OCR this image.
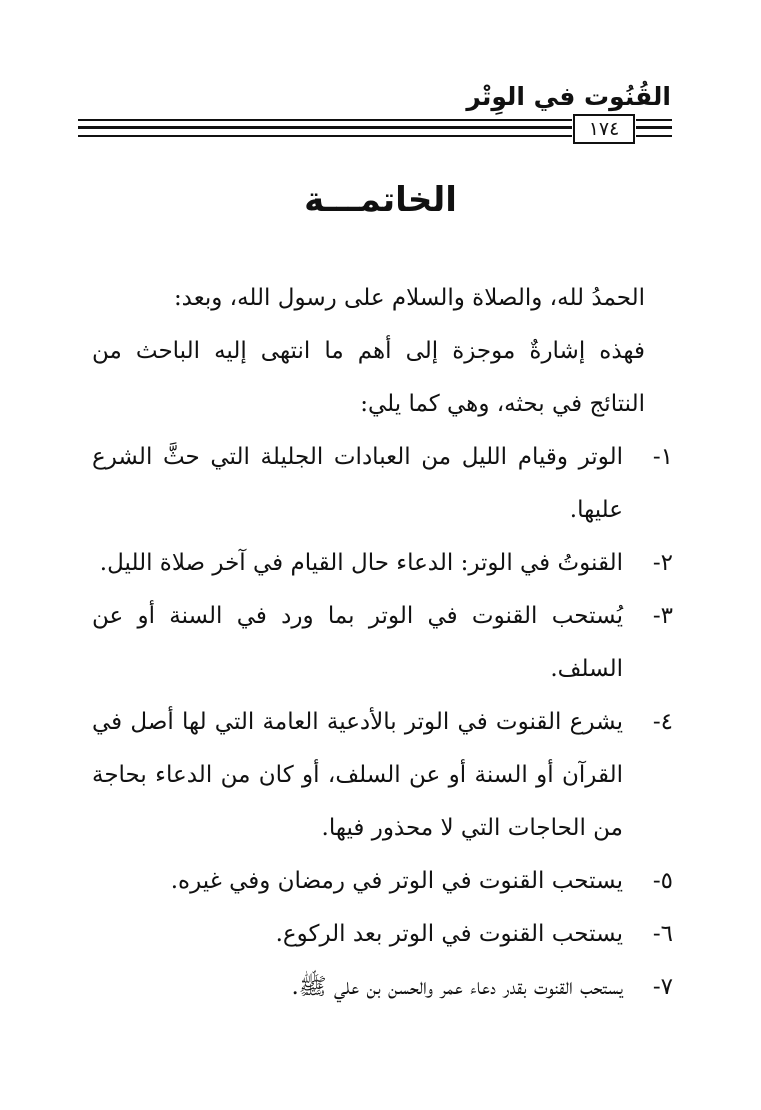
القُنُوت في الوِتْر
١٧٤
الخاتمـــة

الحمدُ لله، والصلاة والسلام على رسول الله، وبعد:

فهذه إشارةٌ موجزة إلى أهم ما انتهى إليه الباحث من النتائج في بحثه، وهي كما يلي:

١-
الوتر وقيام الليل من العبادات الجليلة التي حثَّ الشرع عليها.

٢-
القنوتُ في الوتر: الدعاء حال القيام في آخر صلاة الليل.

٣-
يُستحب القنوت في الوتر بما ورد في السنة أو عن السلف.

٤-
يشرع القنوت في الوتر بالأدعية العامة التي لها أصل في القرآن أو السنة أو عن السلف، أو كان من الدعاء بحاجة من الحاجات التي لا محذور فيها.

٥-
يستحب القنوت في الوتر في رمضان وفي غيره.

٦-
يستحب القنوت في الوتر بعد الركوع.

٧-
يستحب القنوت بقدر دعاء عمر والحسن بن علي ﷺ.
